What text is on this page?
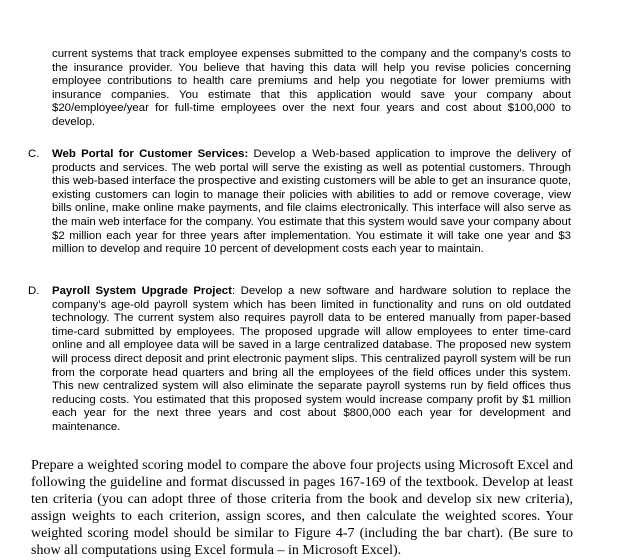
current systems that track employee expenses submitted to the company and the company’s costs to the insurance provider. You believe that having this data will help you revise policies concerning employee contributions to health care premiums and help you negotiate for lower premiums with insurance companies. You estimate that this application would save your company about $20/employee/year for full-time employees over the next four years and cost about $100,000 to develop.

C. Web Portal for Customer Services: Develop a Web-based application to improve the delivery of products and services. The web portal will serve the existing as well as potential customers. Through this web-based interface the prospective and existing customers will be able to get an insurance quote, existing customers can login to manage their policies with abilities to add or remove coverage, view bills online, make online make payments, and file claims electronically. This interface will also serve as the main web interface for the company. You estimate that this system would save your company about $2 million each year for three years after implementation. You estimate it will take one year and $3 million to develop and require 10 percent of development costs each year to maintain.

D. Payroll System Upgrade Project: Develop a new software and hardware solution to replace the company’s age-old payroll system which has been limited in functionality and runs on old outdated technology. The current system also requires payroll data to be entered manually from paper-based time-card submitted by employees. The proposed upgrade will allow employees to enter time-card online and all employee data will be saved in a large centralized database. The proposed new system will process direct deposit and print electronic payment slips. This centralized payroll system will be run from the corporate head quarters and bring all the employees of the field offices under this system. This new centralized system will also eliminate the separate payroll systems run by field offices thus reducing costs. You estimated that this proposed system would increase company profit by $1 million each year for the next three years and cost about $800,000 each year for development and maintenance.

Prepare a weighted scoring model to compare the above four projects using Microsoft Excel and following the guideline and format discussed in pages 167-169 of the textbook. Develop at least ten criteria (you can adopt three of those criteria from the book and develop six new criteria), assign weights to each criterion, assign scores, and then calculate the weighted scores. Your weighted scoring model should be similar to Figure 4-7 (including the bar chart). (Be sure to show all computations using Excel formula – in Microsoft Excel).
